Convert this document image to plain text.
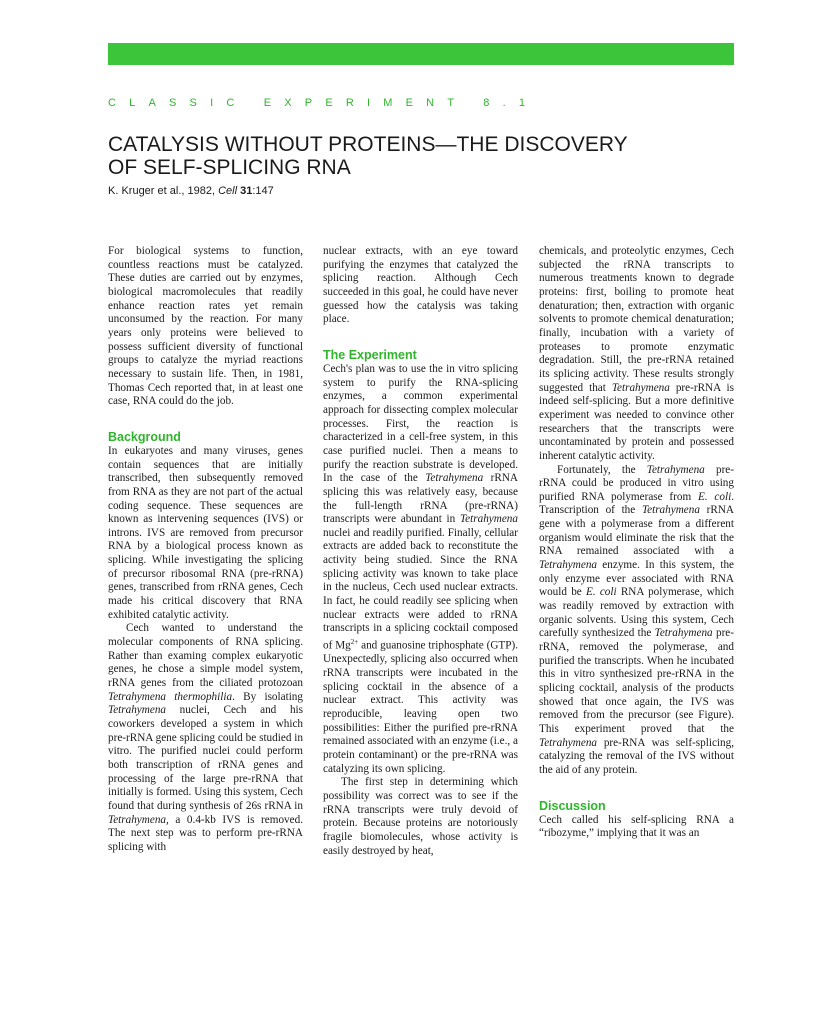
CLASSIC EXPERIMENT 8.1
CATALYSIS WITHOUT PROTEINS—THE DISCOVERY
OF SELF-SPLICING RNA
K. Kruger et al., 1982, Cell 31:147

For biological systems to function, countless reactions must be catalyzed. These duties are carried out by enzymes, biological macromolecules that readily enhance reaction rates yet remain unconsumed by the reaction. For many years only proteins were believed to possess sufficient diversity of functional groups to catalyze the myriad reactions necessary to sustain life. Then, in 1981, Thomas Cech reported that, in at least one case, RNA could do the job.

Background

In eukaryotes and many viruses, genes contain sequences that are initially transcribed, then subsequently removed from RNA as they are not part of the actual coding sequence. These sequences are known as intervening sequences (IVS) or introns. IVS are removed from precursor RNA by a biological process known as splicing. While investigating the splicing of precursor ribosomal RNA (pre-rRNA) genes, transcribed from rRNA genes, Cech made his critical discovery that RNA exhibited catalytic activity.

Cech wanted to understand the molecular components of RNA splicing. Rather than examing complex eukaryotic genes, he chose a simple model system, rRNA genes from the ciliated protozoan Tetrahymena thermophilia. By isolating Tetrahymena nuclei, Cech and his coworkers developed a system in which pre-rRNA gene splicing could be studied in vitro. The purified nuclei could perform both transcription of rRNA genes and processing of the large pre-rRNA that initially is formed. Using this system, Cech found that during synthesis of 26s rRNA in Tetrahymena, a 0.4-kb IVS is removed. The next step was to perform pre-rRNA splicing with

nuclear extracts, with an eye toward purifying the enzymes that catalyzed the splicing reaction. Although Cech succeeded in this goal, he could have never guessed how the catalysis was taking place.

The Experiment

Cech's plan was to use the in vitro splicing system to purify the RNA-splicing enzymes, a common experimental approach for dissecting complex molecular processes. First, the reaction is characterized in a cell-free system, in this case purified nuclei. Then a means to purify the reaction substrate is developed. In the case of the Tetrahymena rRNA splicing this was relatively easy, because the full-length rRNA (pre-rRNA) transcripts were abundant in Tetrahymena nuclei and readily purified. Finally, cellular extracts are added back to reconstitute the activity being studied. Since the RNA splicing activity was known to take place in the nucleus, Cech used nuclear extracts. In fact, he could readily see splicing when nuclear extracts were added to rRNA transcripts in a splicing cocktail composed of $Mg^{2+}$ and guanosine triphosphate (GTP). Unexpectedly, splicing also occurred when rRNA transcripts were incubated in the splicing cocktail in the absence of a nuclear extract. This activity was reproducible, leaving open two possibilities: Either the purified pre-rRNA remained associated with an enzyme (i.e., a protein contaminant) or the pre-rRNA was catalyzing its own splicing.

The first step in determining which possibility was correct was to see if the rRNA transcripts were truly devoid of protein. Because proteins are notoriously fragile biomolecules, whose activity is easily destroyed by heat,

chemicals, and proteolytic enzymes, Cech subjected the rRNA transcripts to numerous treatments known to degrade proteins: first, boiling to promote heat denaturation; then, extraction with organic solvents to promote chemical denaturation; finally, incubation with a variety of proteases to promote enzymatic degradation. Still, the pre-rRNA retained its splicing activity. These results strongly suggested that Tetrahymena pre-rRNA is indeed self-splicing. But a more definitive experiment was needed to convince other researchers that the transcripts were uncontaminated by protein and possessed inherent catalytic activity.

Fortunately, the Tetrahymena pre-rRNA could be produced in vitro using purified RNA polymerase from E. coli. Transcription of the Tetrahymena rRNA gene with a polymerase from a different organism would eliminate the risk that the RNA remained associated with a Tetrahymena enzyme. In this system, the only enzyme ever associated with RNA would be E. coli RNA polymerase, which was readily removed by extraction with organic solvents. Using this system, Cech carefully synthesized the Tetrahymena pre-rRNA, removed the polymerase, and purified the transcripts. When he incubated this in vitro synthesized pre-rRNA in the splicing cocktail, analysis of the products showed that once again, the IVS was removed from the precursor (see Figure). This experiment proved that the Tetrahymena pre-RNA was self-splicing, catalyzing the removal of the IVS without the aid of any protein.

Discussion

Cech called his self-splicing RNA a “ribozyme,” implying that it was an
